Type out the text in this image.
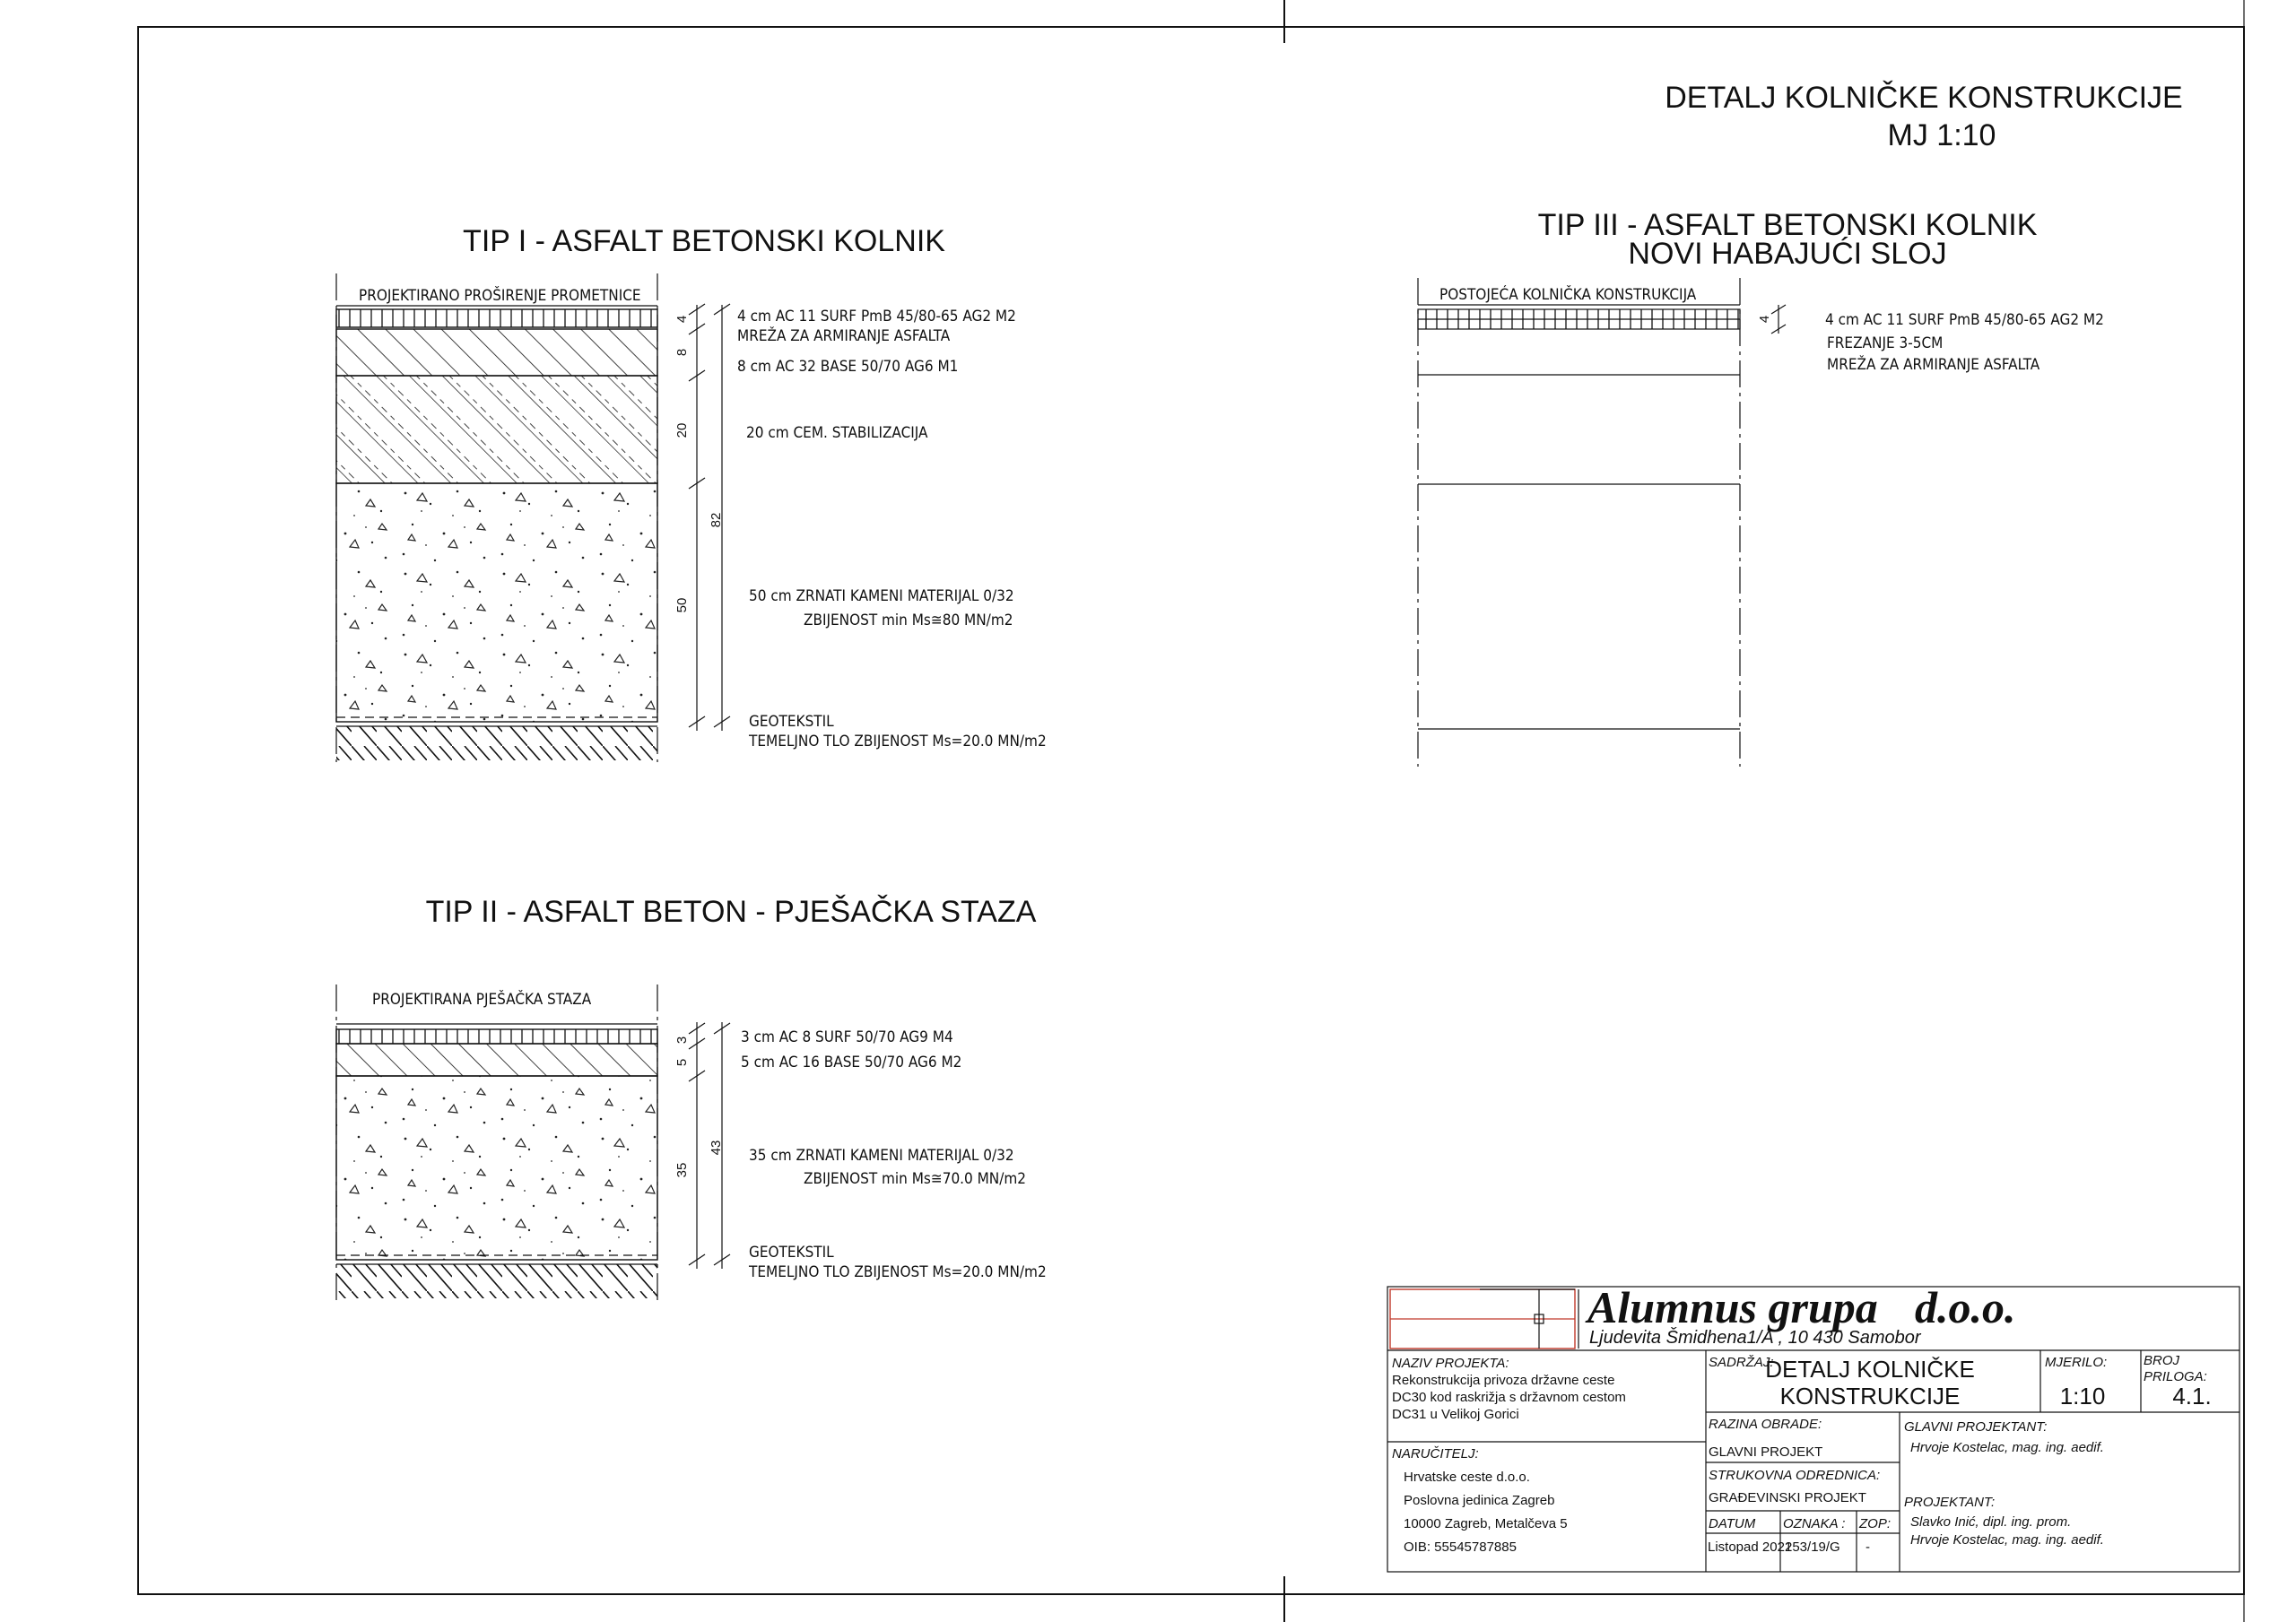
DETALJ KOLNIČKE KONSTRUKCIJE
MJ 1:10
TIP I - ASFALT BETONSKI KOLNIK
PROJEKTIRANO PROŠIRENJE PROMETNICE
4
8
20
50
82
4 cm AC 11 SURF PmB 45/80-65 AG2 M2
MREŽA ZA ARMIRANJE ASFALTA
8 cm AC 32 BASE 50/70 AG6 M1
20 cm CEM. STABILIZACIJA
50 cm ZRNATI KAMENI MATERIJAL 0/32
ZBIJENOST min Ms≅80 MN/m2
GEOTEKSTIL
TEMELJNO TLO ZBIJENOST Ms=20.0 MN/m2
TIP II - ASFALT BETON - PJEŠAČKA STAZA
PROJEKTIRANA PJEŠAČKA STAZA
3
5
35
43
3 cm AC 8 SURF 50/70 AG9 M4
5 cm AC 16 BASE 50/70 AG6 M2
35 cm ZRNATI KAMENI MATERIJAL 0/32
ZBIJENOST min Ms≅70.0 MN/m2
GEOTEKSTIL
TEMELJNO TLO ZBIJENOST Ms=20.0 MN/m2
TIP III - ASFALT BETONSKI KOLNIK
NOVI HABAJUĆI SLOJ
POSTOJEĆA KOLNIČKA KONSTRUKCIJA
4	4 cm AC 11 SURF PmB 45/80-65 AG2 M2
FREZANJE 3-5CM
MREŽA ZA ARMIRANJE ASFALTA
Alumnus grupa d.o.o.
Ljudevita Šmidhena1/A , 10 430 Samobor
NAZIV PROJEKTA:
Rekonstrukcija privoza državne ceste
DC30 kod raskrižja s državnom cestom
DC31 u Velikoj Gorici
NARUČITELJ:
Hrvatske ceste d.o.o.
Poslovna jedinica Zagreb
10000 Zagreb, Metalčeva 5
OIB: 55545787885
SADRŽAJ:
DETALJ KOLNIČKE
KONSTRUKCIJE
MJERILO:
1:10
BROJ
PRILOGA:
4.1.
RAZINA OBRADE:
GLAVNI PROJEKT
STRUKOVNA ODREDNICA:
GRAĐEVINSKI PROJEKT
DATUM
Listopad 2021
OZNAKA :
253/19/G
ZOP:
-
GLAVNI PROJEKTANT:
Hrvoje Kostelac, mag. ing. aedif.
PROJEKTANT:
Slavko Inić, dipl. ing. prom.
Hrvoje Kostelac, mag. ing. aedif.
